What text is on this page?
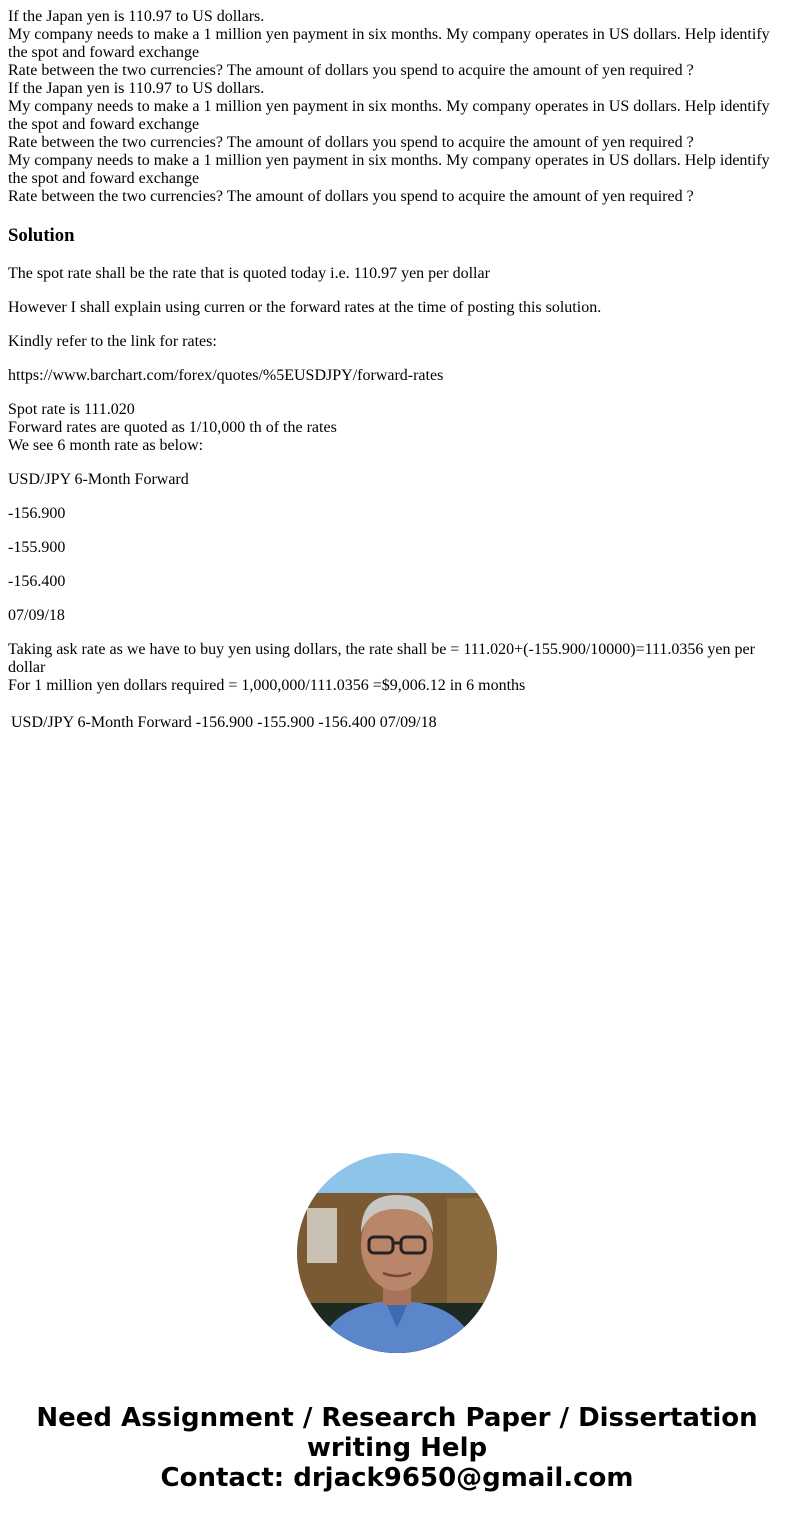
If the Japan yen is 110.97 to US dollars.
My company needs to make a 1 million yen payment in six months. My company operates in US dollars. Help identify the spot and foward exchange
Rate between the two currencies? The amount of dollars you spend to acquire the amount of yen required ?
If the Japan yen is 110.97 to US dollars.
My company needs to make a 1 million yen payment in six months. My company operates in US dollars. Help identify the spot and foward exchange
Rate between the two currencies? The amount of dollars you spend to acquire the amount of yen required ?
My company needs to make a 1 million yen payment in six months. My company operates in US dollars. Help identify the spot and foward exchange
Rate between the two currencies? The amount of dollars you spend to acquire the amount of yen required ?
Solution

The spot rate shall be the rate that is quoted today i.e. 110.97 yen per dollar

However I shall explain using curren or the forward rates at the time of posting this solution.

Kindly refer to the link for rates:

https://www.barchart.com/forex/quotes/%5EUSDJPY/forward-rates

Spot rate is 111.020
Forward rates are quoted as 1/10,000 th of the rates
We see 6 month rate as below:

USD/JPY 6-Month Forward

-156.900

-155.900

-156.400

07/09/18

Taking ask rate as we have to buy yen using dollars, the rate shall be = 111.020+(-155.900/10000)=111.0356 yen per dollar
For 1 million yen dollars required = 1,000,000/111.0356 =$9,006.12 in 6 months
USD/JPY 6-Month Forward -156.900 -155.900 -156.400 07/09/18
Need Assignment / Research Paper / Dissertation
writing Help
Contact: drjack9650@gmail.com
